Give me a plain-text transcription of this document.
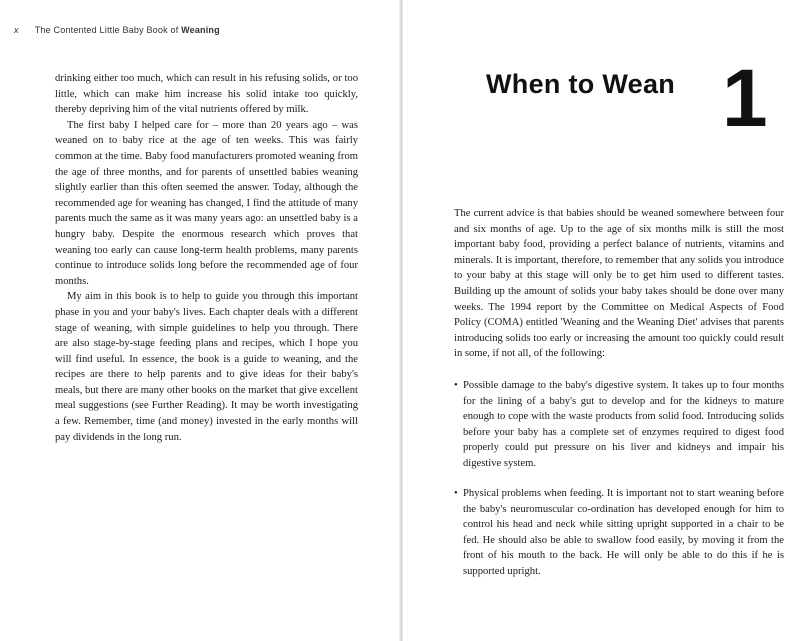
x The Contented Little Baby Book of Weaning

drinking either too much, which can result in his refusing solids, or too little, which can make him increase his solid intake too quickly, thereby depriving him of the vital nutrients offered by milk.

The first baby I helped care for – more than 20 years ago – was weaned on to baby rice at the age of ten weeks. This was fairly common at the time. Baby food manufacturers promoted weaning from the age of three months, and for parents of unsettled babies weaning slightly earlier than this often seemed the answer. Today, although the recommended age for weaning has changed, I find the attitude of many parents much the same as it was many years ago: an unsettled baby is a hungry baby. Despite the enormous research which proves that weaning too early can cause long-term health problems, many parents continue to introduce solids long before the recommended age of four months.

My aim in this book is to help to guide you through this important phase in you and your baby's lives. Each chapter deals with a different stage of weaning, with simple guidelines to help you through. There are also stage-by-stage feeding plans and recipes, which I hope you will find useful. In essence, the book is a guide to weaning, and the recipes are there to help parents and to give ideas for their baby's meals, but there are many other books on the market that give excellent meal suggestions (see Further Reading). It may be worth investigating a few. Remember, time (and money) invested in the early months will pay dividends in the long run.

When to Wean 1

The current advice is that babies should be weaned somewhere between four and six months of age. Up to the age of six months milk is still the most important baby food, providing a perfect balance of nutrients, vitamins and minerals. It is important, therefore, to remember that any solids you introduce to your baby at this stage will only be to get him used to different tastes. Building up the amount of solids your baby takes should be done over many weeks. The 1994 report by the Committee on Medical Aspects of Food Policy (COMA) entitled 'Weaning and the Weaning Diet' advises that parents introducing solids too early or increasing the amount too quickly could result in some, if not all, of the following:

• Possible damage to the baby's digestive system. It takes up to four months for the lining of a baby's gut to develop and for the kidneys to mature enough to cope with the waste products from solid food. Introducing solids before your baby has a complete set of enzymes required to digest food properly could put pressure on his liver and kidneys and impair his digestive system.
• Physical problems when feeding. It is important not to start weaning before the baby's neuromuscular co-ordination has developed enough for him to control his head and neck while sitting upright supported in a chair to be fed. He should also be able to swallow food easily, by moving it from the front of his mouth to the back. He will only be able to do this if he is supported upright.
